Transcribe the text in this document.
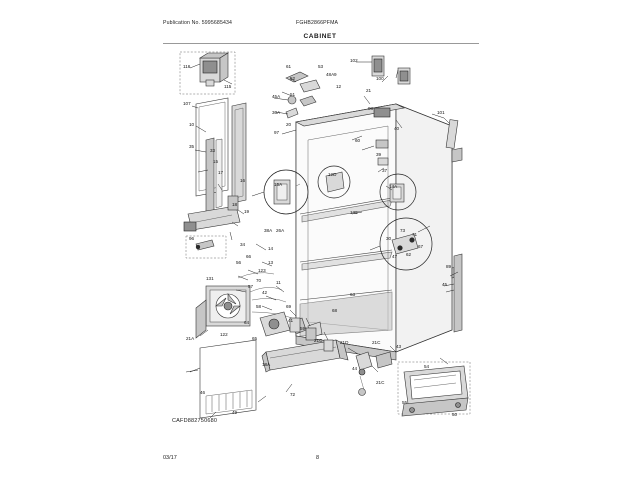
Publication No. 5995685434	FGHB2866PFMA
CABINET
116
115
107
10
35
33
15
17
19
18
16
96
102
100
101
61
52
53
48A
45A
36A
97
9
12
21
60
51
98
20
40
37
39
135
15A
12D
14A
30
73
71
62
67
47
34
38A 26A
14
13
66
123
131
122
21A
42
11
58	69
41
59
21C	21D	21C
21C
44
43
18A
72
49
46
89
45
54
50
55
63
68
70
64
65
56
57
CAFD882750680
03/17	8
